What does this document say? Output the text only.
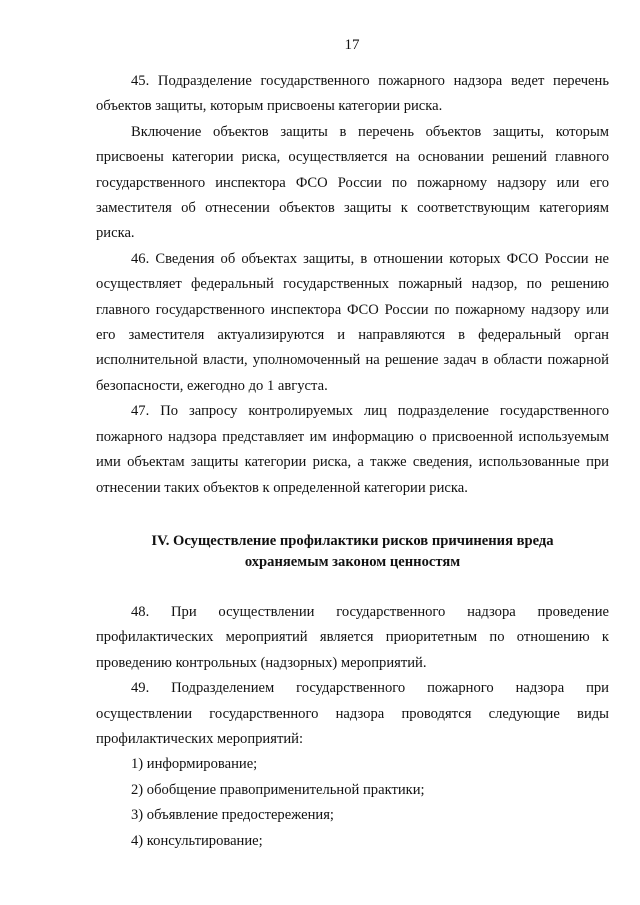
17

45. Подразделение государственного пожарного надзора ведет перечень объектов защиты, которым присвоены категории риска.

Включение объектов защиты в перечень объектов защиты, которым присвоены категории риска, осуществляется на основании решений главного государственного инспектора ФСО России по пожарному надзору или его заместителя об отнесении объектов защиты к соответствующим категориям риска.

46. Сведения об объектах защиты, в отношении которых ФСО России не осуществляет федеральный государственных пожарный надзор, по решению главного государственного инспектора ФСО России по пожарному надзору или его заместителя актуализируются и направляются в федеральный орган исполнительной власти, уполномоченный на решение задач в области пожарной безопасности, ежегодно до 1 августа.

47. По запросу контролируемых лиц подразделение государственного пожарного надзора представляет им информацию о присвоенной используемым ими объектам защиты категории риска, а также сведения, использованные при отнесении таких объектов к определенной категории риска.

IV. Осуществление профилактики рисков причинения вреда

охраняемым законом ценностям

48. При осуществлении государственного надзора проведение профилактических мероприятий является приоритетным по отношению к проведению контрольных (надзорных) мероприятий.

49. Подразделением государственного пожарного надзора при осуществлении государственного надзора проводятся следующие виды профилактических мероприятий:

1) информирование;

2) обобщение правоприменительной практики;

3) объявление предостережения;

4) консультирование;
